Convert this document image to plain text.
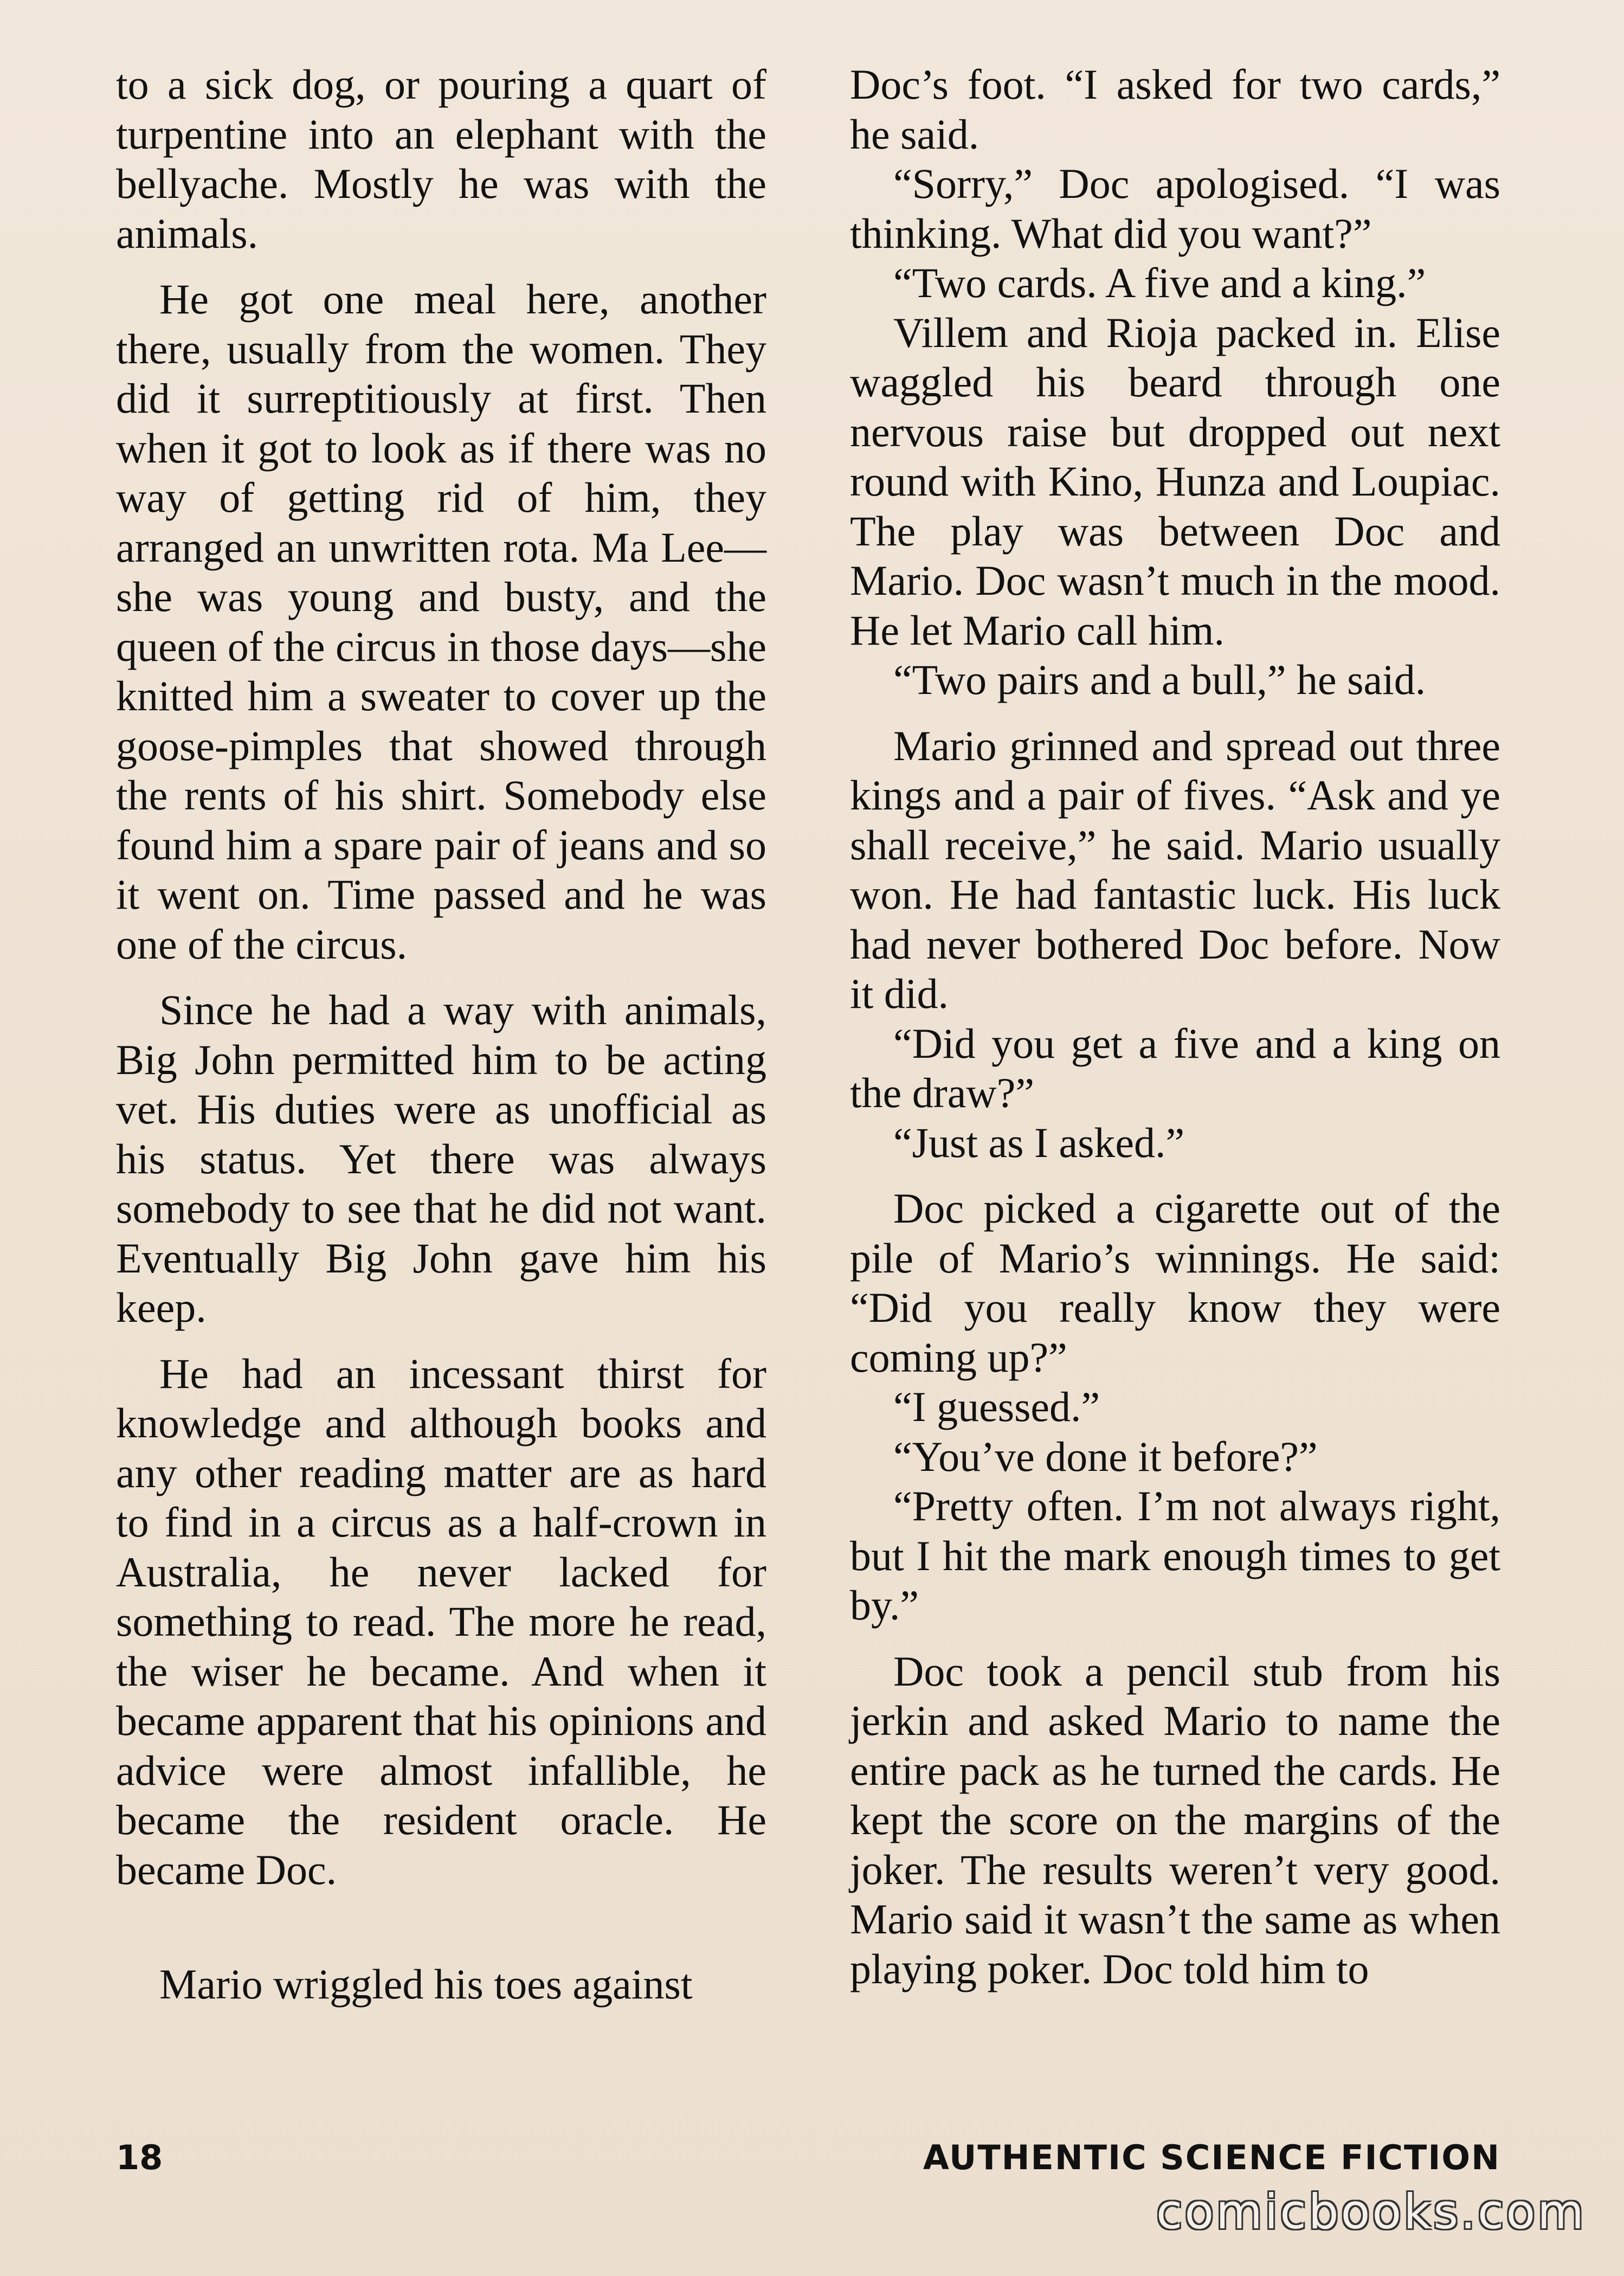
to a sick dog, or pouring a quart of turpentine into an elephant with the bellyache. Mostly he was with the animals.

He got one meal here, another there, usually from the women. They did it surreptitiously at first. Then when it got to look as if there was no way of getting rid of him, they arranged an unwritten rota. Ma Lee—she was young and busty, and the queen of the circus in those days—she knitted him a sweater to cover up the goose-pimples that showed through the rents of his shirt. Somebody else found him a spare pair of jeans and so it went on. Time passed and he was one of the circus.

Since he had a way with animals, Big John permitted him to be acting vet. His duties were as unofficial as his status. Yet there was always somebody to see that he did not want. Eventually Big John gave him his keep.

He had an incessant thirst for knowledge and although books and any other reading matter are as hard to find in a circus as a half-crown in Australia, he never lacked for something to read. The more he read, the wiser he became. And when it became apparent that his opinions and advice were almost infallible, he became the resident oracle. He became Doc.

Mario wriggled his toes against

Doc’s foot. “I asked for two cards,” he said.

“Sorry,” Doc apologised. “I was thinking. What did you want?”

“Two cards. A five and a king.”

Villem and Rioja packed in. Elise waggled his beard through one nervous raise but dropped out next round with Kino, Hunza and Loupiac. The play was between Doc and Mario. Doc wasn’t much in the mood. He let Mario call him.

“Two pairs and a bull,” he said.

Mario grinned and spread out three kings and a pair of fives. “Ask and ye shall receive,” he said. Mario usually won. He had fantastic luck. His luck had never bothered Doc before. Now it did.

“Did you get a five and a king on the draw?”

“Just as I asked.”

Doc picked a cigarette out of the pile of Mario’s winnings. He said: “Did you really know they were coming up?”

“I guessed.”

“You’ve done it before?”

“Pretty often. I’m not always right, but I hit the mark enough times to get by.”

Doc took a pencil stub from his jerkin and asked Mario to name the entire pack as he turned the cards. He kept the score on the margins of the joker. The results weren’t very good. Mario said it wasn’t the same as when playing poker. Doc told him to

18	AUTHENTIC SCIENCE FICTION
comicbooks.com
